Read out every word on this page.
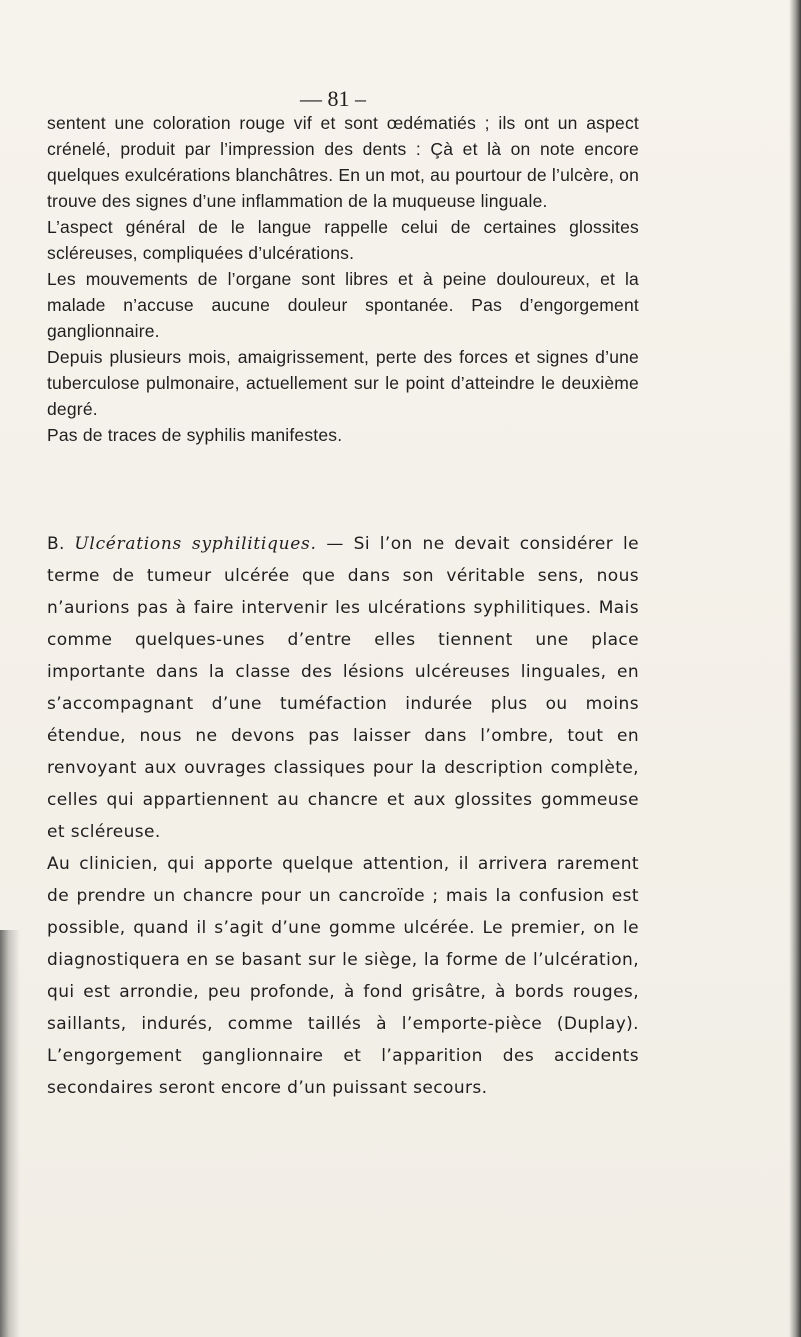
— 81 –

sentent une coloration rouge vif et sont œdématiés ; ils ont un aspect crénelé, produit par l’impression des dents : Çà et là on note encore quelques exulcérations blanchâtres. En un mot, au pourtour de l’ulcère, on trouve des signes d’une inflammation de la muqueuse linguale.

L’aspect général de le langue rappelle celui de certaines glossites scléreuses, compliquées d’ulcérations.

Les mouvements de l’organe sont libres et à peine douloureux, et la malade n’accuse aucune douleur spontanée. Pas d’engorgement ganglionnaire.

Depuis plusieurs mois, amaigrissement, perte des forces et signes d’une tuberculose pulmonaire, actuellement sur le point d’atteindre le deuxième degré.

Pas de traces de syphilis manifestes.

B. Ulcérations syphilitiques. — Si l’on ne devait considérer le terme de tumeur ulcérée que dans son véritable sens, nous n’aurions pas à faire intervenir les ulcérations syphilitiques. Mais comme quelques-unes d’entre elles tiennent une place importante dans la classe des lésions ulcéreuses linguales, en s’accompagnant d’une tuméfaction indurée plus ou moins étendue, nous ne devons pas laisser dans l’ombre, tout en renvoyant aux ouvrages classiques pour la description complète, celles qui appartiennent au chancre et aux glossites gommeuse et scléreuse.

Au clinicien, qui apporte quelque attention, il arrivera rarement de prendre un chancre pour un cancroïde ; mais la confusion est possible, quand il s’agit d’une gomme ulcérée. Le premier, on le diagnostiquera en se basant sur le siège, la forme de l’ulcération, qui est arrondie, peu profonde, à fond grisâtre, à bords rouges, saillants, indurés, comme taillés à l’emporte-pièce (Duplay). L’engorgement ganglionnaire et l’apparition des accidents secondaires seront encore d’un puissant secours.
